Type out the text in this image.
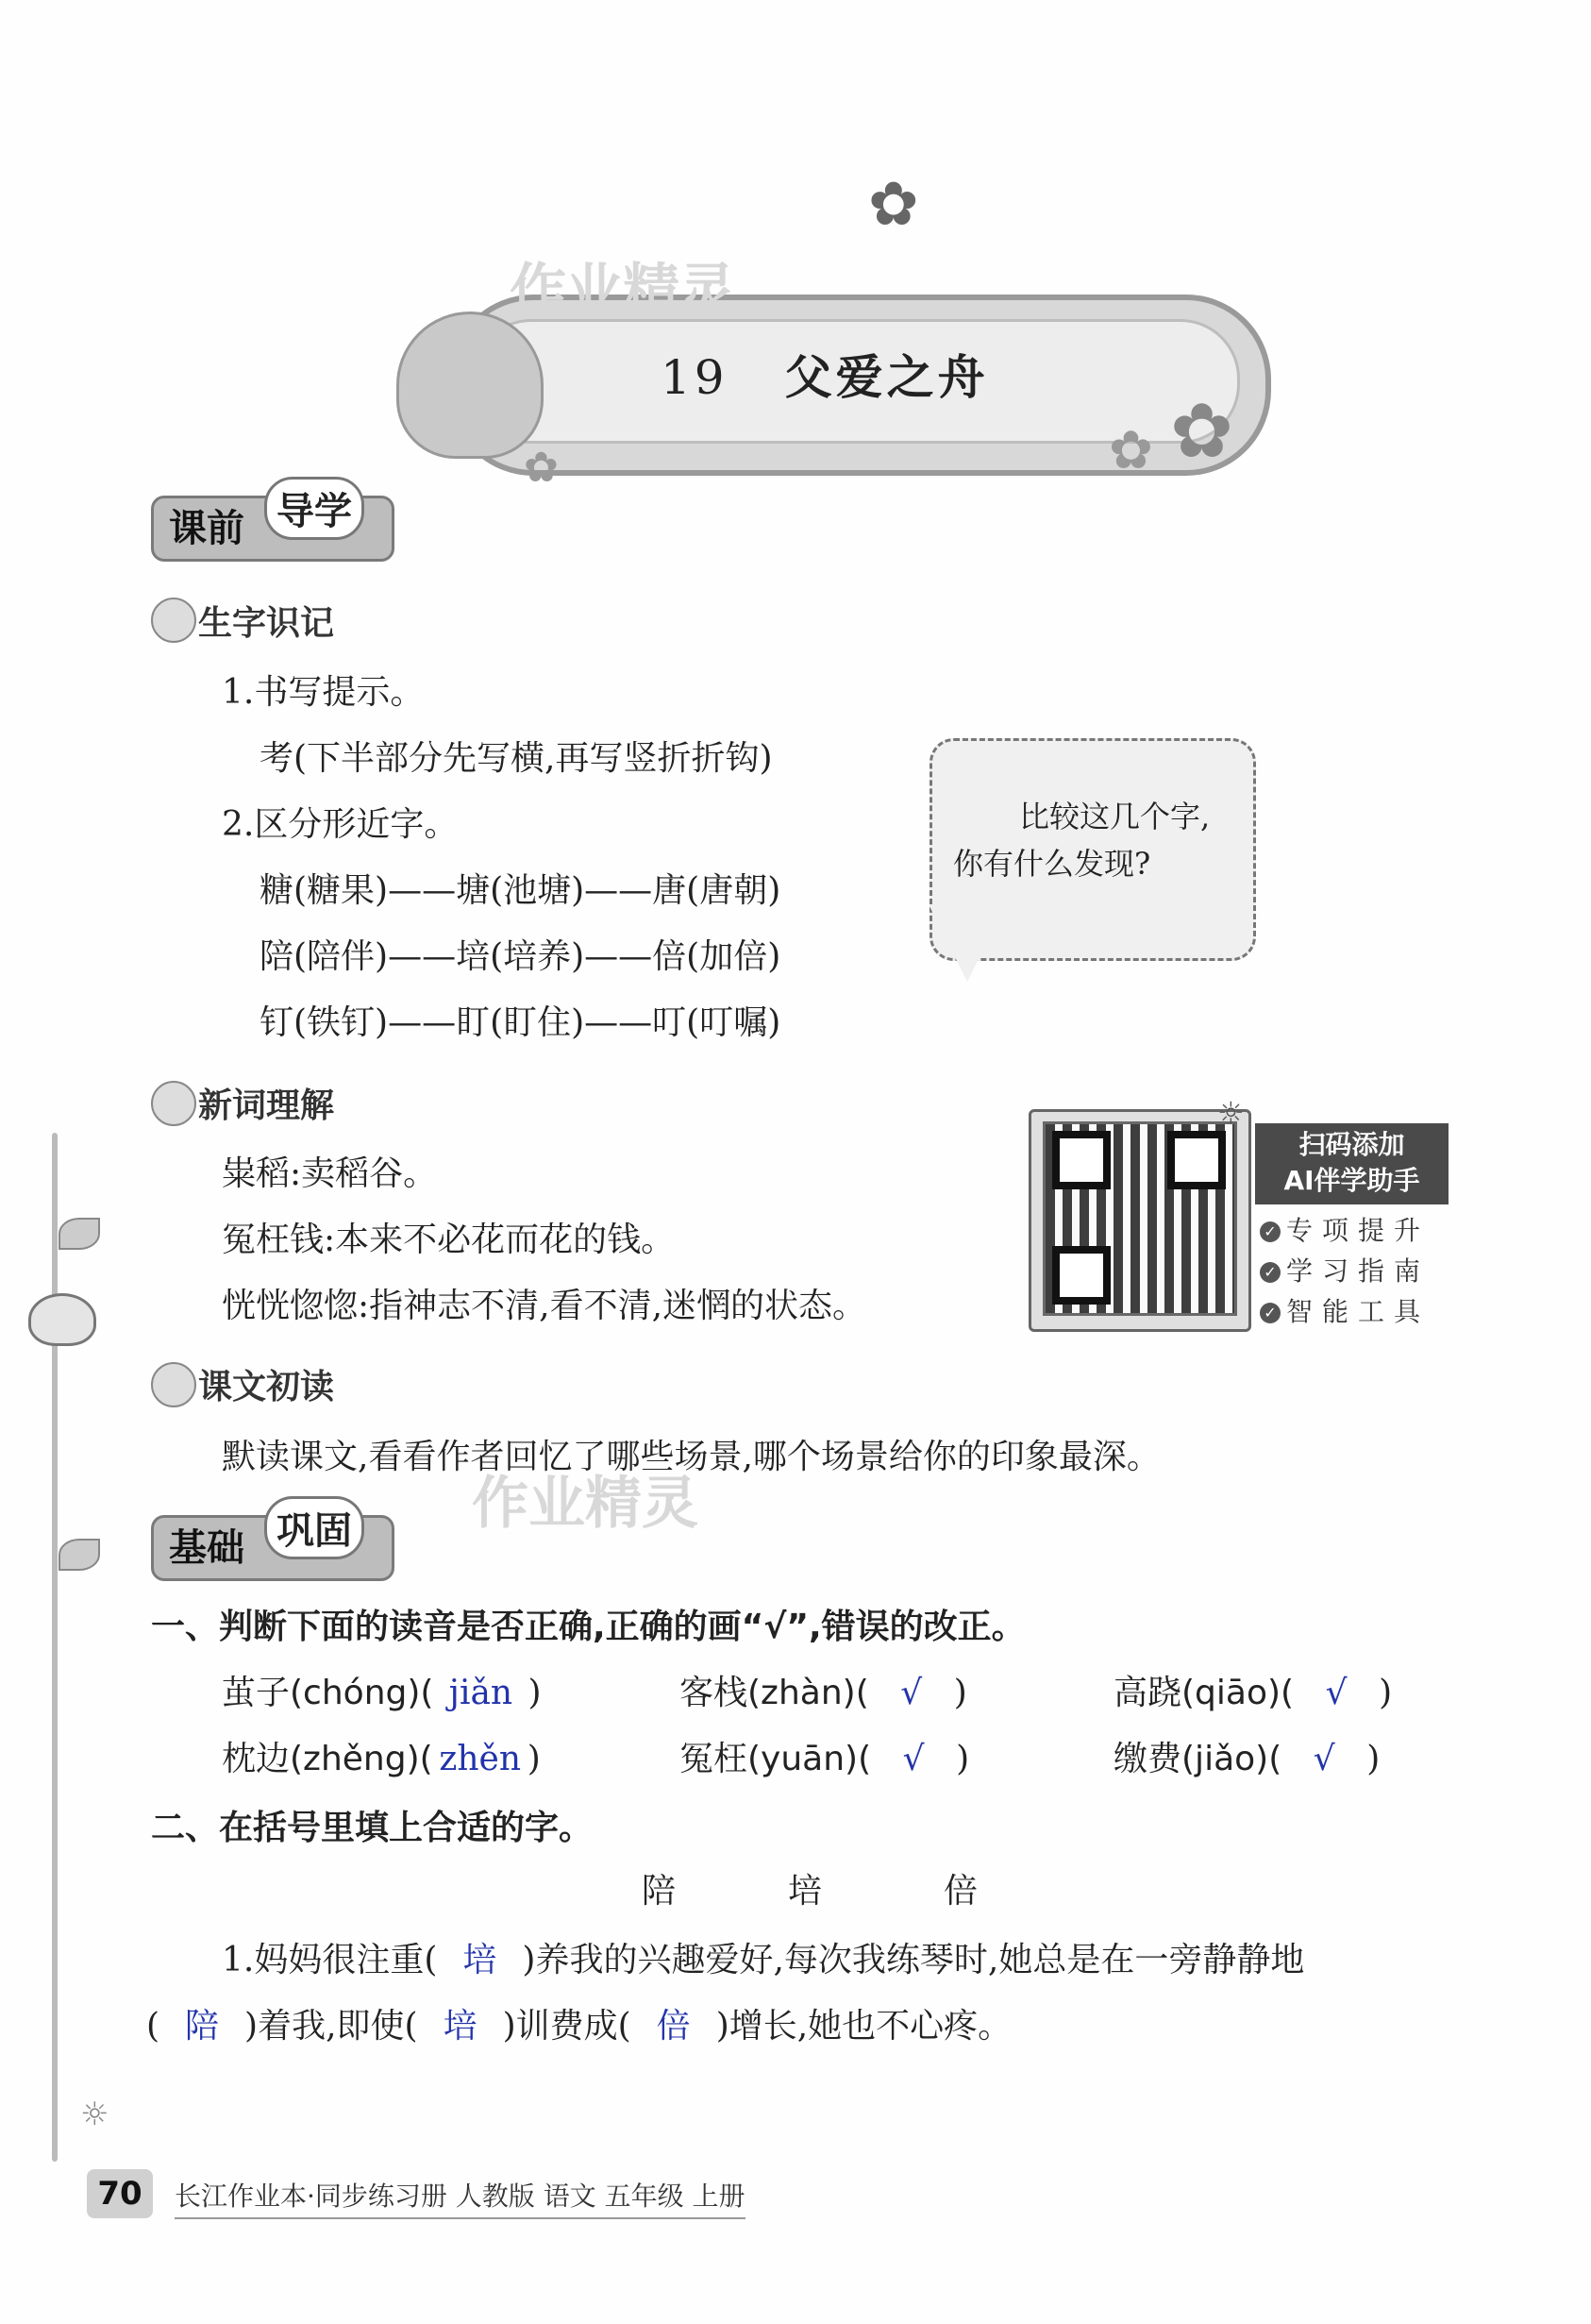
✿
✿
✿
✿
作业精灵
19 父爱之舟
课前 导学
生字识记
1.书写提示。
考(下半部分先写横,再写竖折折钩)
2.区分形近字。
糖(糖果)——塘(池塘)——唐(唐朝)
陪(陪伴)——培(培养)——倍(加倍)
钉(铁钉)——盯(盯住)——叮(叮嘱)
比较这几个字,
你有什么发现?
新词理解
粜稻:卖稻谷。
冤枉钱:本来不必花而花的钱。
恍恍惚惚:指神志不清,看不清,迷惘的状态。
☼
扫码添加
AI伴学助手
✓ 专项提升
✓ 学习指南
✓ 智能工具
课文初读
默读课文,看看作者回忆了哪些场景,哪个场景给你的印象最深。
作业精灵
基础 巩固
一、判断下面的读音是否正确,正确的画“√”,错误的改正。
茧子(chóng)( jiǎn )	客栈(zhàn)( √ )	高跷(qiāo)( √ )
枕边(zhěng)( zhěn )	冤枉(yuān)( √ )	缴费(jiǎo)( √ )
二、在括号里填上合适的字。
陪	培	倍
1.妈妈很注重( 培 )养我的兴趣爱好,每次我练琴时,她总是在一旁静静地
( 陪 )着我,即使( 培 )训费成( 倍 )增长,她也不心疼。
☼
70	长江作业本·同步练习册 人教版 语文 五年级 上册
